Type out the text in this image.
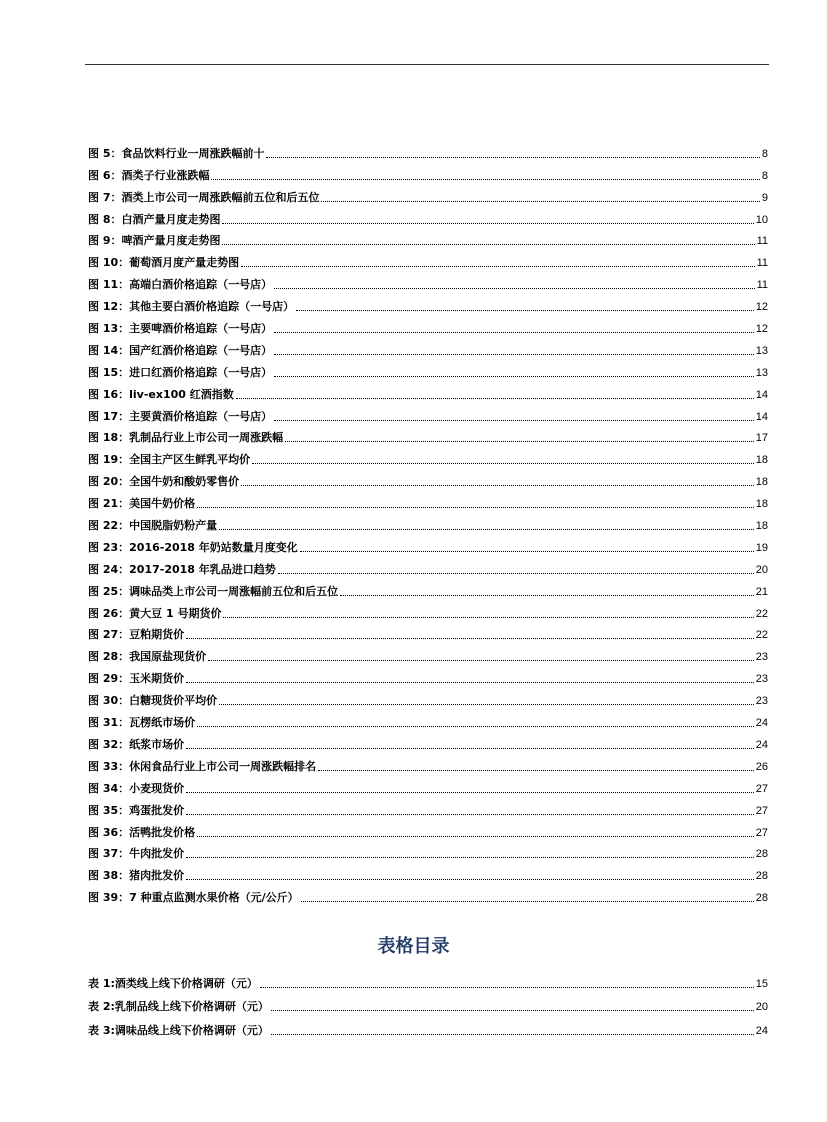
图 5：食品饮料行业一周涨跌幅前十	8
图 6：酒类子行业涨跌幅	8
图 7：酒类上市公司一周涨跌幅前五位和后五位	9
图 8：白酒产量月度走势图	10
图 9：啤酒产量月度走势图	11
图 10：葡萄酒月度产量走势图	11
图 11：高端白酒价格追踪（一号店）	11
图 12：其他主要白酒价格追踪（一号店）	12
图 13：主要啤酒价格追踪（一号店）	12
图 14：国产红酒价格追踪（一号店）	13
图 15：进口红酒价格追踪（一号店）	13
图 16：liv-ex100 红酒指数	14
图 17：主要黄酒价格追踪（一号店）	14
图 18：乳制品行业上市公司一周涨跌幅	17
图 19：全国主产区生鲜乳平均价	18
图 20：全国牛奶和酸奶零售价	18
图 21：美国牛奶价格	18
图 22：中国脱脂奶粉产量	18
图 23：2016-2018 年奶站数量月度变化	19
图 24：2017-2018 年乳品进口趋势	20
图 25：调味品类上市公司一周涨幅前五位和后五位	21
图 26：黄大豆 1 号期货价	22
图 27：豆粕期货价	22
图 28：我国原盐现货价	23
图 29：玉米期货价	23
图 30：白糖现货价平均价	23
图 31：瓦楞纸市场价	24
图 32：纸浆市场价	24
图 33：休闲食品行业上市公司一周涨跌幅排名	26
图 34：小麦现货价	27
图 35：鸡蛋批发价	27
图 36：活鸭批发价格	27
图 37：牛肉批发价	28
图 38：猪肉批发价	28
图 39：7 种重点监测水果价格（元/公斤）	28
表格目录
表 1:酒类线上线下价格调研（元）	15
表 2:乳制品线上线下价格调研（元）	20
表 3:调味品线上线下价格调研（元）	24
